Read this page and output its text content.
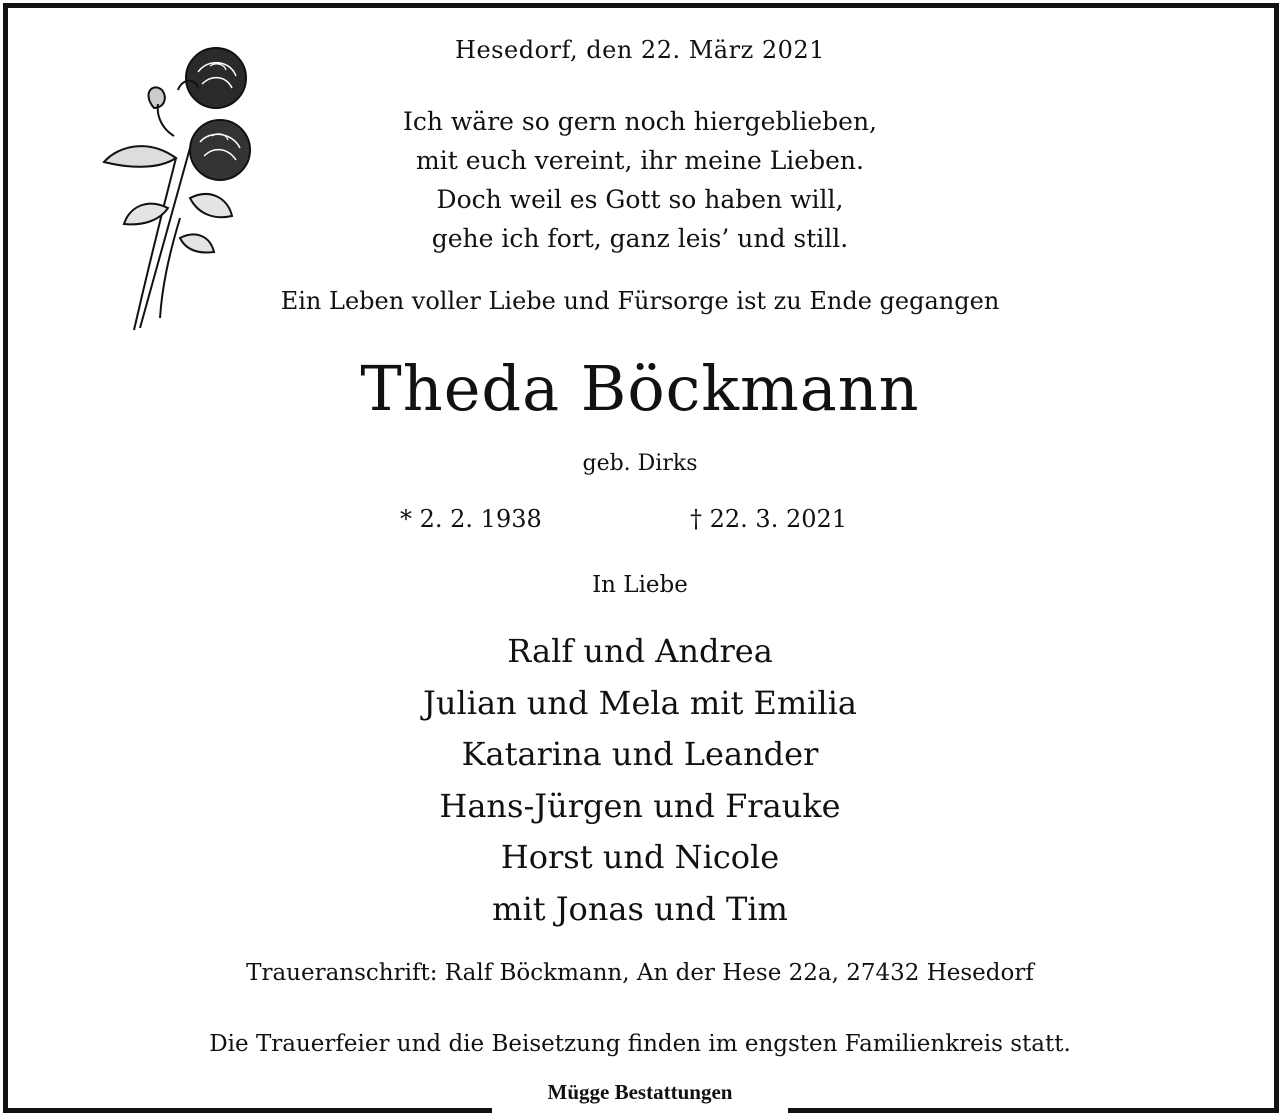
Hesedorf, den 22. März 2021
Ich wäre so gern noch hiergeblieben,
mit euch vereint, ihr meine Lieben.
Doch weil es Gott so haben will,
gehe ich fort, ganz leis’ und still.
Ein Leben voller Liebe und Fürsorge ist zu Ende gegangen
Theda Böckmann
geb. Dirks
* 2. 2. 1938	† 22. 3. 2021
In Liebe
Ralf und Andrea
Julian und Mela mit Emilia
Katarina und Leander
Hans-Jürgen und Frauke
Horst und Nicole
mit Jonas und Tim
Traueranschrift: Ralf Böckmann, An der Hese 22a, 27432 Hesedorf
Die Trauerfeier und die Beisetzung finden im engsten Familienkreis statt.
Mügge Bestattungen
